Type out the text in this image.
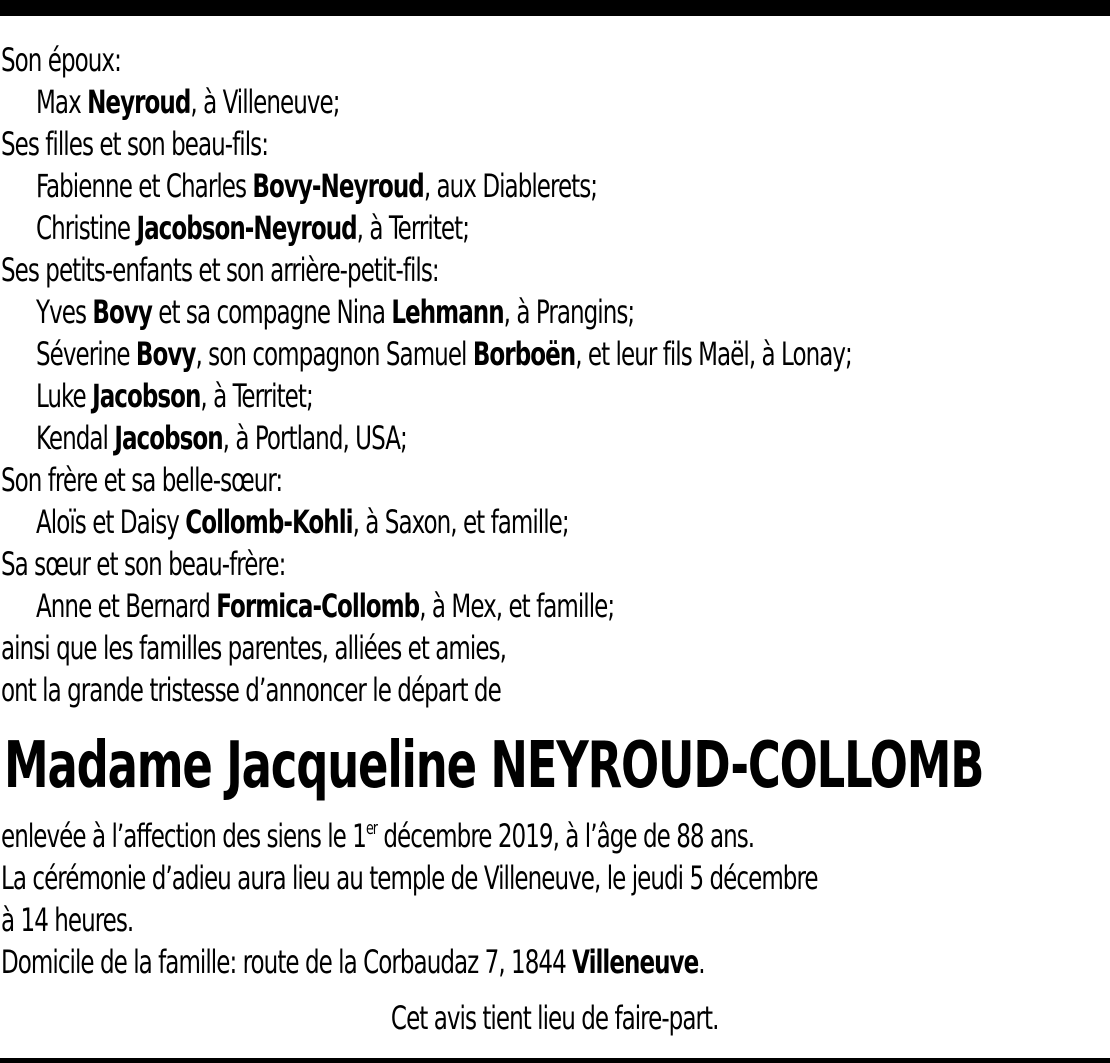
Son époux:

Max Neyroud, à Villeneuve;

Ses filles et son beau-fils:

Fabienne et Charles Bovy-Neyroud, aux Diablerets;

Christine Jacobson-Neyroud, à Territet;

Ses petits-enfants et son arrière-petit-fils:

Yves Bovy et sa compagne Nina Lehmann, à Prangins;

Séverine Bovy, son compagnon Samuel Borboën, et leur fils Maël, à Lonay;

Luke Jacobson, à Territet;

Kendal Jacobson, à Portland, USA;

Son frère et sa belle-sœur:

Aloïs et Daisy Collomb-Kohli, à Saxon, et famille;

Sa sœur et son beau-frère:

Anne et Bernard Formica-Collomb, à Mex, et famille;

ainsi que les familles parentes, alliées et amies,

ont la grande tristesse d’annoncer le départ de

Madame Jacqueline NEYROUD-COLLOMB

enlevée à l’affection des siens le 1er décembre 2019, à l’âge de 88 ans.

La cérémonie d’adieu aura lieu au temple de Villeneuve, le jeudi 5 décembre

à 14 heures.

Domicile de la famille: route de la Corbaudaz 7, 1844 Villeneuve.

Cet avis tient lieu de faire-part.
